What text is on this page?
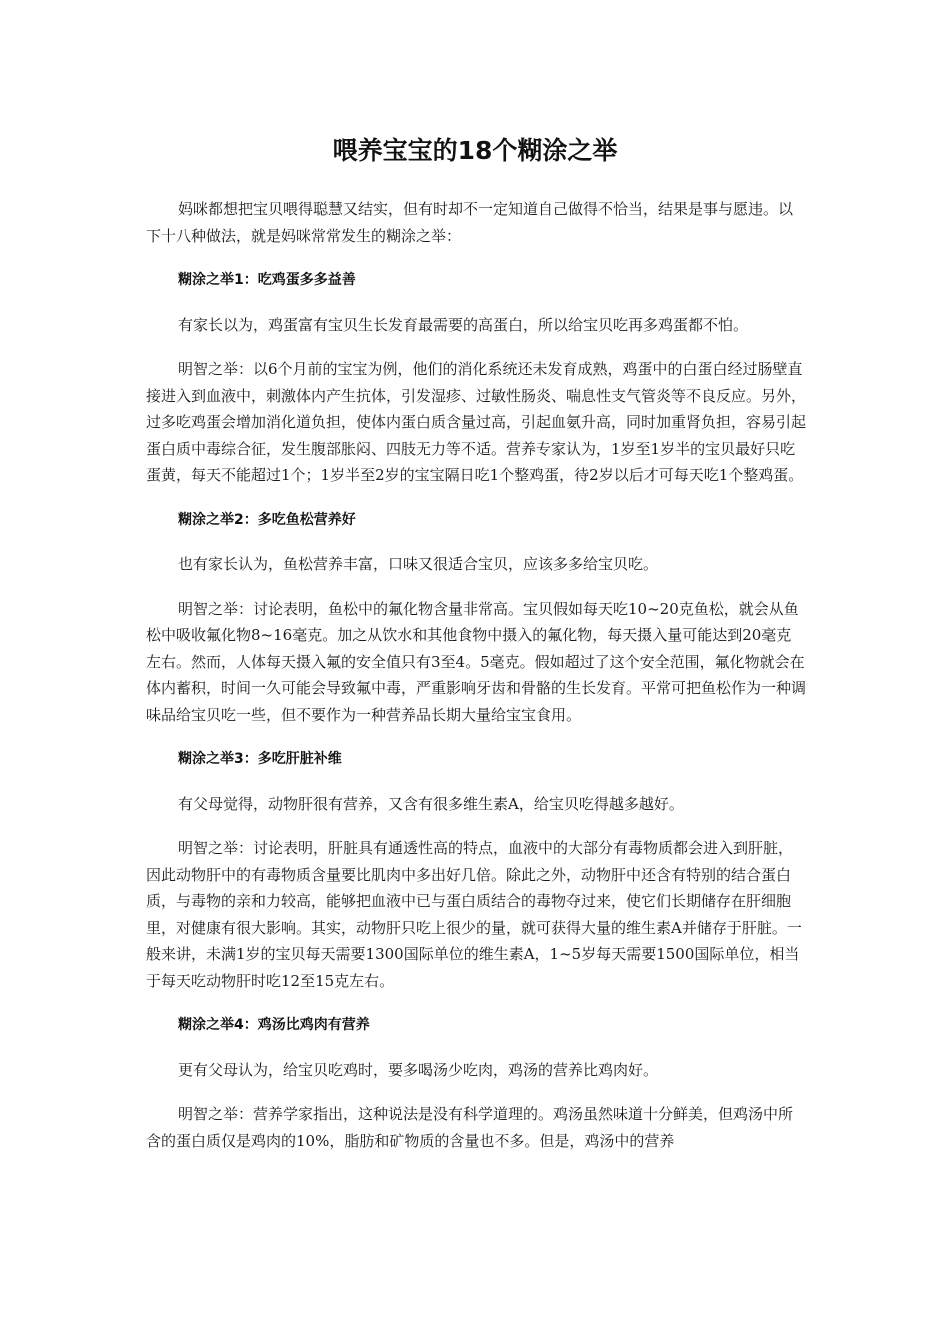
喂养宝宝的18个糊涂之举

妈咪都想把宝贝喂得聪慧又结实，但有时却不一定知道自己做得不恰当，结果是事与愿违。以下十八种做法，就是妈咪常常发生的糊涂之举：

糊涂之举1：吃鸡蛋多多益善

有家长以为，鸡蛋富有宝贝生长发育最需要的高蛋白，所以给宝贝吃再多鸡蛋都不怕。

明智之举：以6个月前的宝宝为例，他们的消化系统还未发育成熟，鸡蛋中的白蛋白经过肠壁直接进入到血液中，刺激体内产生抗体，引发湿疹、过敏性肠炎、喘息性支气管炎等不良反应。另外，过多吃鸡蛋会增加消化道负担，使体内蛋白质含量过高，引起血氨升高，同时加重肾负担，容易引起蛋白质中毒综合征，发生腹部胀闷、四肢无力等不适。营养专家认为，1岁至1岁半的宝贝最好只吃蛋黄，每天不能超过1个；1岁半至2岁的宝宝隔日吃1个整鸡蛋，待2岁以后才可每天吃1个整鸡蛋。

糊涂之举2：多吃鱼松营养好

也有家长认为，鱼松营养丰富，口味又很适合宝贝，应该多多给宝贝吃。

明智之举：讨论表明，鱼松中的氟化物含量非常高。宝贝假如每天吃10~20克鱼松，就会从鱼松中吸收氟化物8~16毫克。加之从饮水和其他食物中摄入的氟化物，每天摄入量可能达到20毫克左右。然而，人体每天摄入氟的安全值只有3至4。5毫克。假如超过了这个安全范围，氟化物就会在体内蓄积，时间一久可能会导致氟中毒，严重影响牙齿和骨骼的生长发育。平常可把鱼松作为一种调味品给宝贝吃一些，但不要作为一种营养品长期大量给宝宝食用。

糊涂之举3：多吃肝脏补维

有父母觉得，动物肝很有营养，又含有很多维生素A，给宝贝吃得越多越好。

明智之举：讨论表明，肝脏具有通透性高的特点，血液中的大部分有毒物质都会进入到肝脏，因此动物肝中的有毒物质含量要比肌肉中多出好几倍。除此之外，动物肝中还含有特别的结合蛋白质，与毒物的亲和力较高，能够把血液中已与蛋白质结合的毒物夺过来，使它们长期储存在肝细胞里，对健康有很大影响。其实，动物肝只吃上很少的量，就可获得大量的维生素A并储存于肝脏。一般来讲，未满1岁的宝贝每天需要1300国际单位的维生素A，1~5岁每天需要1500国际单位，相当于每天吃动物肝时吃12至15克左右。

糊涂之举4：鸡汤比鸡肉有营养

更有父母认为，给宝贝吃鸡时，要多喝汤少吃肉，鸡汤的营养比鸡肉好。

明智之举：营养学家指出，这种说法是没有科学道理的。鸡汤虽然味道十分鲜美，但鸡汤中所含的蛋白质仅是鸡肉的10%，脂肪和矿物质的含量也不多。但是，鸡汤中的营养
